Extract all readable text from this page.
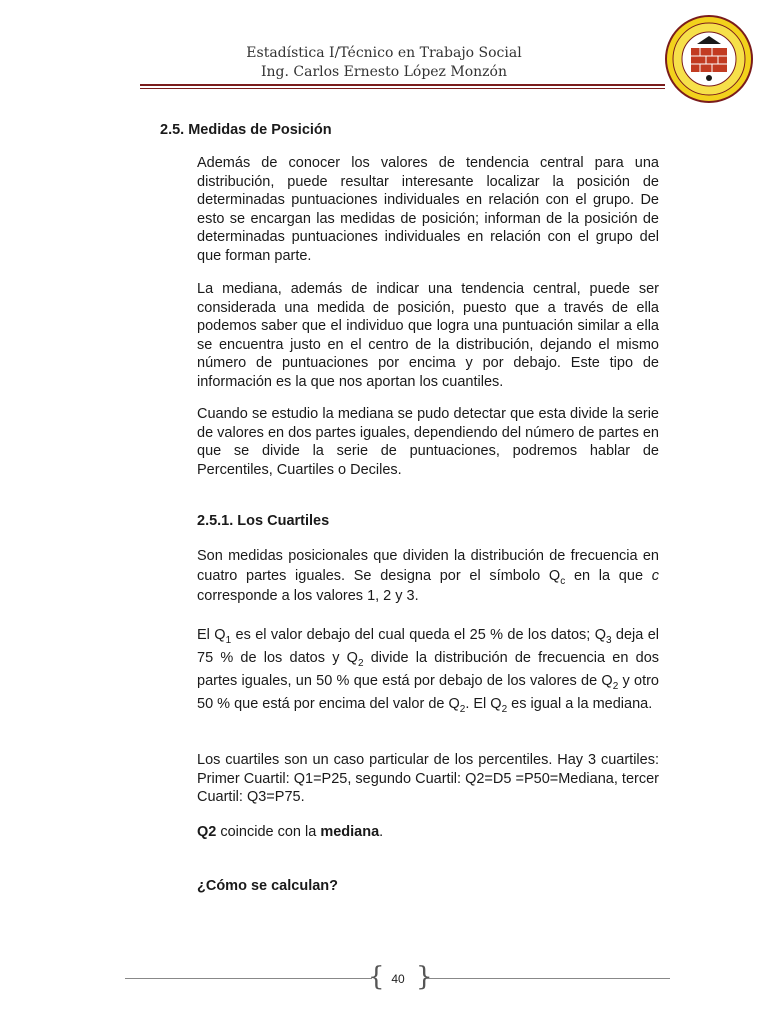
Estadística I/Técnico en Trabajo Social
Ing. Carlos Ernesto López Monzón
2.5. Medidas de Posición

Además de conocer los valores de tendencia central para una distribución, puede resultar interesante localizar la posición de determinadas puntuaciones individuales en relación con el grupo. De esto se encargan las medidas de posición; informan de la posición de determinadas puntuaciones individuales en relación con el grupo del que forman parte.

La mediana, además de indicar una tendencia central, puede ser considerada una medida de posición, puesto que a través de ella podemos saber que el individuo que logra una puntuación similar a ella se encuentra justo en el centro de la distribución, dejando el mismo número de puntuaciones por encima y por debajo. Este tipo de información es la que nos aportan los cuantiles.

Cuando se estudio la mediana se pudo detectar que esta divide la serie de valores en dos partes iguales, dependiendo del número de partes en que se divide la serie de puntuaciones, podremos hablar de Percentiles, Cuartiles o Deciles.

2.5.1. Los Cuartiles

Son medidas posicionales que dividen la distribución de frecuencia en cuatro partes iguales. Se designa por el símbolo $Q_c$ en la que c corresponde a los valores 1, 2 y 3.

El $Q_1$ es el valor debajo del cual queda el 25 % de los datos; $Q_3$ deja el 75 % de los datos y $Q_2$ divide la distribución de frecuencia en dos partes iguales, un 50 % que está por debajo de los valores de $Q_2$ y otro 50 % que está por encima del valor de $Q_2$. El $Q_2$ es igual a la mediana.

Los cuartiles son un caso particular de los percentiles. Hay 3 cuartiles: Primer Cuartil: Q1=P25, segundo Cuartil: Q2=D5 =P50=Mediana, tercer Cuartil: Q3=P75.

Q2 coincide con la mediana.

¿Cómo se calculan?

{ }
40
